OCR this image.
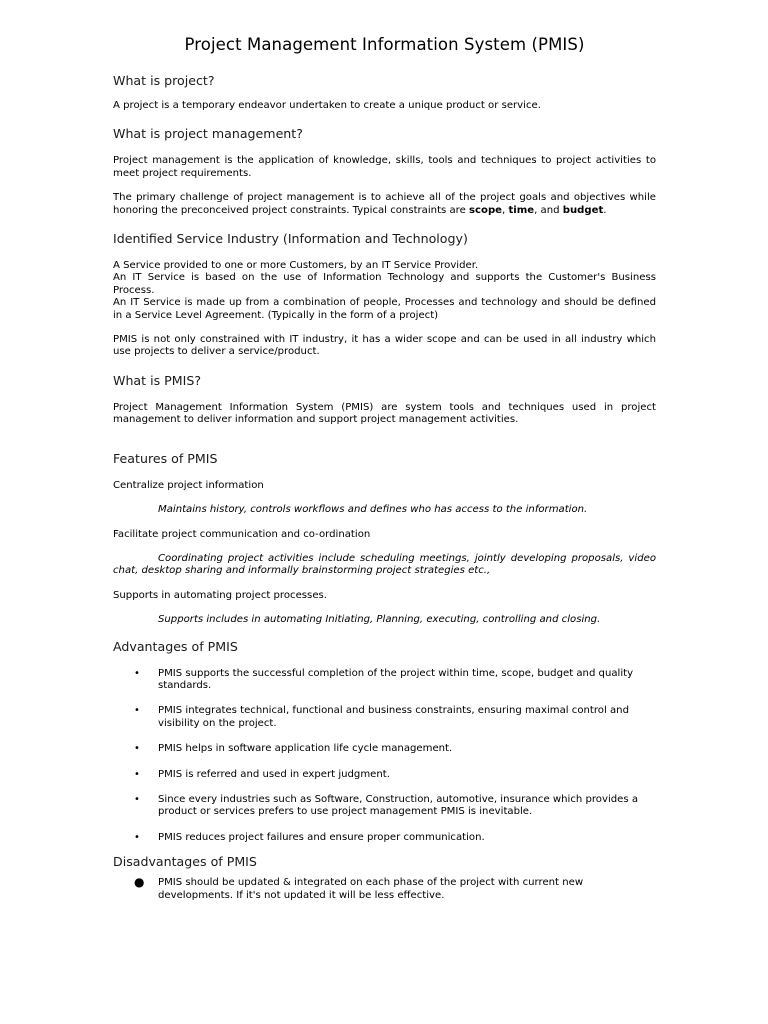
Project Management Information System (PMIS)
What is project?

A project is a temporary endeavor undertaken to create a unique product or service.

What is project management?

Project management is the application of knowledge, skills, tools and techniques to project activities to meet project requirements.

The primary challenge of project management is to achieve all of the project goals and objectives while honoring the preconceived project constraints. Typical constraints are scope, time, and budget.

Identified Service Industry (Information and Technology)

A Service provided to one or more Customers, by an IT Service Provider.

An IT Service is based on the use of Information Technology and supports the Customer's Business Process.

An IT Service is made up from a combination of people, Processes and technology and should be defined in a Service Level Agreement. (Typically in the form of a project)

PMIS is not only constrained with IT industry, it has a wider scope and can be used in all industry which use projects to deliver a service/product.

What is PMIS?

Project Management Information System (PMIS) are system tools and techniques used in project management to deliver information and support project management activities.

Features of PMIS

Centralize project information

Maintains history, controls workflows and defines who has access to the information.

Facilitate project communication and co-ordination

Coordinating project activities include scheduling meetings, jointly developing proposals, video chat, desktop sharing and informally brainstorming project strategies etc.,

Supports in automating project processes.

Supports includes in automating Initiating, Planning, executing, controlling and closing.

Advantages of PMIS
• PMIS supports the successful completion of the project within time, scope, budget and quality standards.
• PMIS integrates technical, functional and business constraints, ensuring maximal control and visibility on the project.
• PMIS helps in software application life cycle management.
• PMIS is referred and used in expert judgment.
• Since every industries such as Software, Construction, automotive, insurance which provides a product or services prefers to use project management PMIS is inevitable.
• PMIS reduces project failures and ensure proper communication.
Disadvantages of PMIS
● PMIS should be updated & integrated on each phase of the project with current new developments. If it's not updated it will be less effective.
